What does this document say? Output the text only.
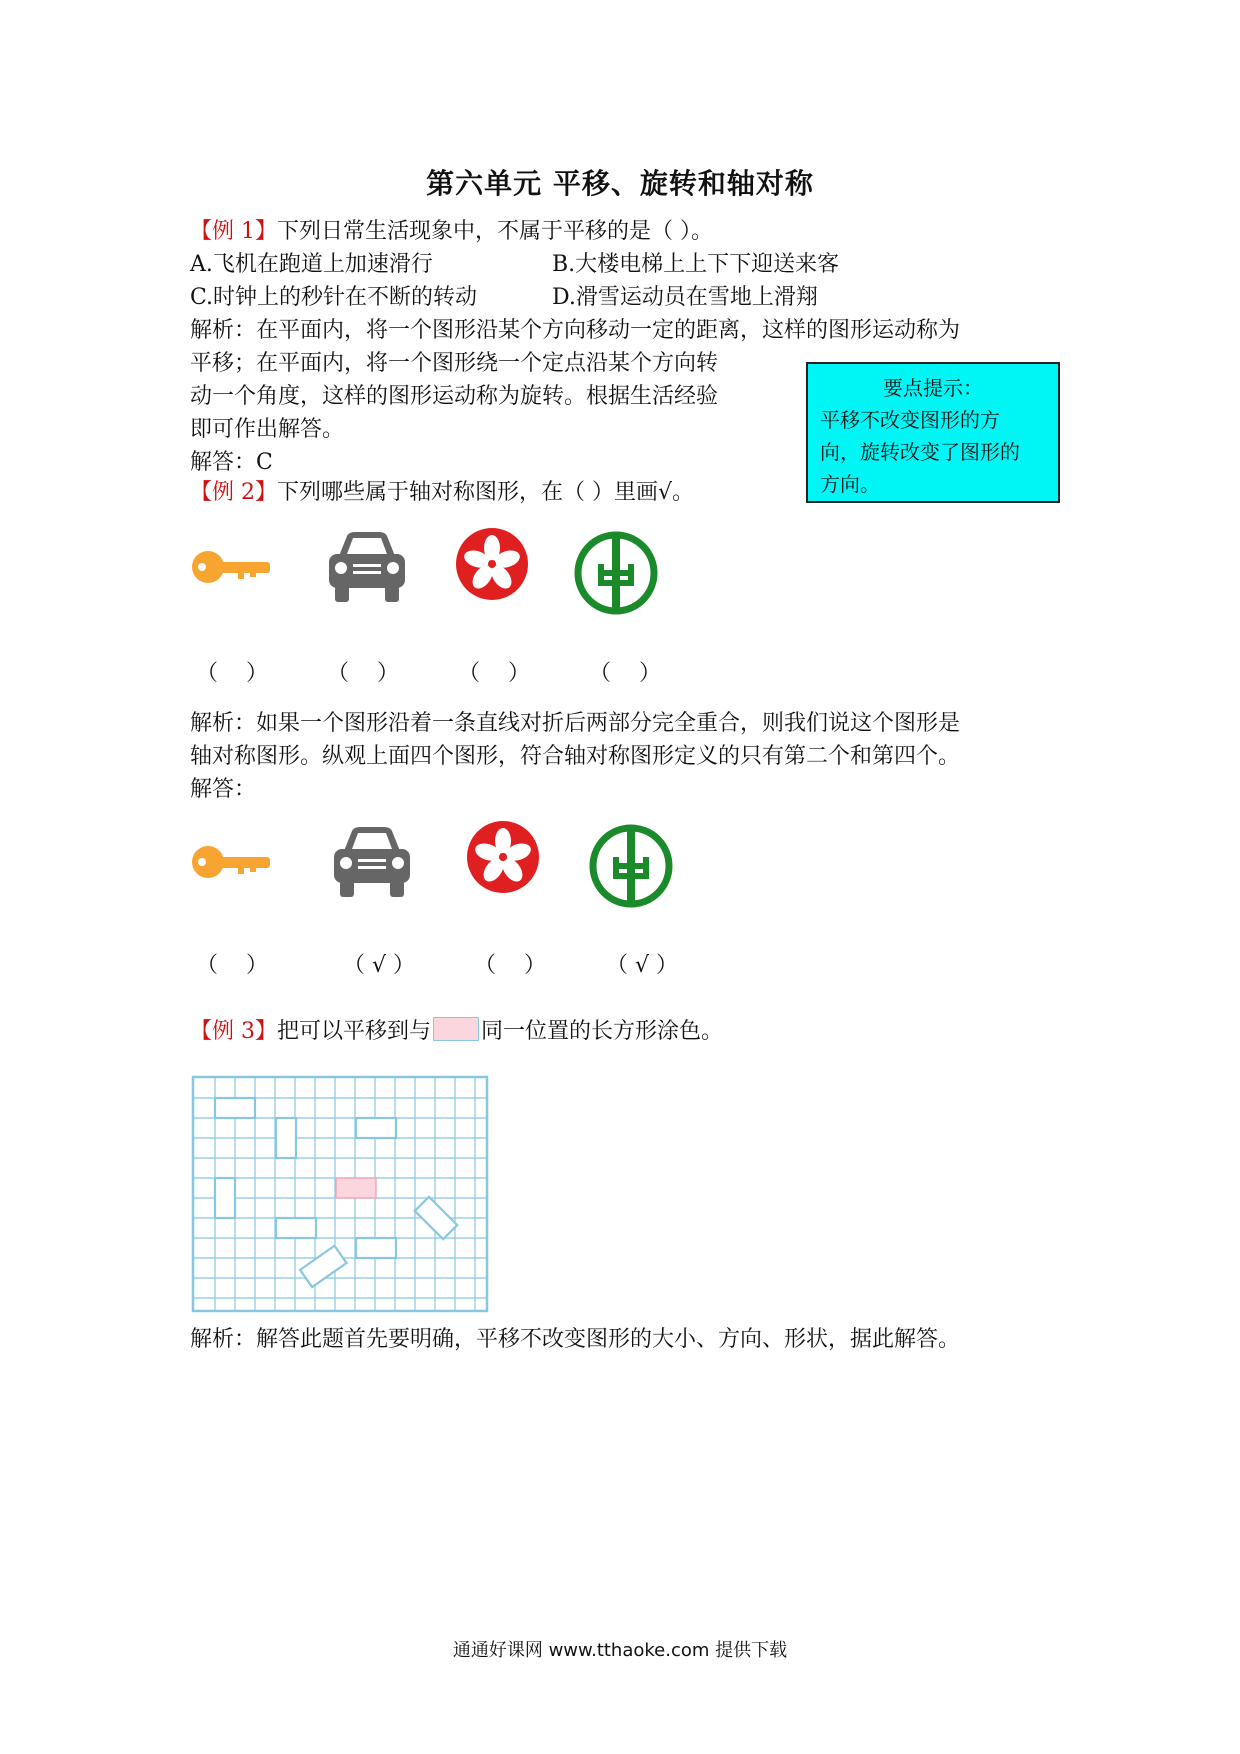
第六单元 平移、旋转和轴对称
【例 1】下列日常生活现象中，不属于平移的是（ ）。
A.飞机在跑道上加速滑行	B.大楼电梯上上下下迎送来客
C.时钟上的秒针在不断的转动	D.滑雪运动员在雪地上滑翔
解析：在平面内，将一个图形沿某个方向移动一定的距离，这样的图形运动称为
平移；在平面内，将一个图形绕一个定点沿某个方向转
动一个角度，这样的图形运动称为旋转。根据生活经验
即可作出解答。
解答：C
要点提示：
平移不改变图形的方
向，旋转改变了图形的
方向。
【例 2】下列哪些属于轴对称图形，在（ ）里画√。
（    ）	（    ）	（    ）	（    ）
解析：如果一个图形沿着一条直线对折后两部分完全重合，则我们说这个图形是
轴对称图形。纵观上面四个图形，符合轴对称图形定义的只有第二个和第四个。
解答：
（    ）	（ √ ）	（    ）	（ √ ）
【例 3】把可以平移到与 同一位置的长方形涂色。
解析：解答此题首先要明确，平移不改变图形的大小、方向、形状，据此解答。
通通好课网 www.tthaoke.com 提供下载
